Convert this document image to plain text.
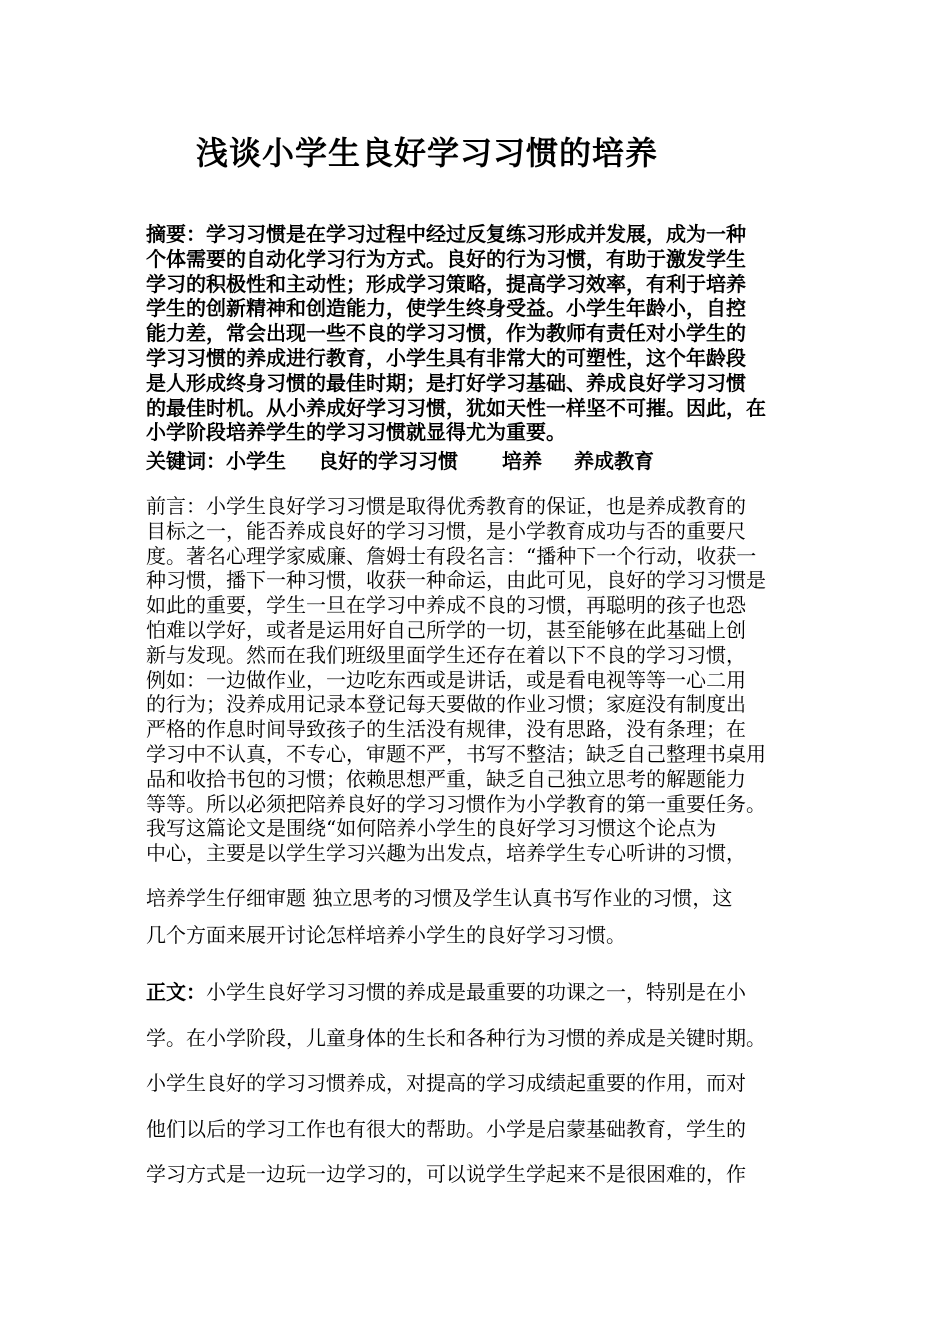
浅谈小学生良好学习习惯的培养
摘要：学习习惯是在学习过程中经过反复练习形成并发展，成为一种
个体需要的自动化学习行为方式。良好的行为习惯，有助于激发学生
学习的积极性和主动性；形成学习策略，提高学习效率，有利于培养
学生的创新精神和创造能力，使学生终身受益。小学生年龄小，自控
能力差，常会出现一些不良的学习习惯，作为教师有责任对小学生的
学习习惯的养成进行教育，小学生具有非常大的可塑性，这个年龄段
是人形成终身习惯的最佳时期；是打好学习基础、养成良好学习习惯
的最佳时机。从小养成好学习习惯，犹如天性一样坚不可摧。因此，在
小学阶段培养学生的学习习惯就显得尤为重要。
关键词：小学生 良好的学习习惯 培养 养成教育
前言：小学生良好学习习惯是取得优秀教育的保证，也是养成教育的
目标之一，能否养成良好的学习习惯，是小学教育成功与否的重要尺
度。著名心理学家威廉、詹姆士有段名言：“播种下一个行动，收获一
种习惯，播下一种习惯，收获一种命运，由此可见，良好的学习习惯是
如此的重要，学生一旦在学习中养成不良的习惯，再聪明的孩子也恐
怕难以学好，或者是运用好自己所学的一切，甚至能够在此基础上创
新与发现。然而在我们班级里面学生还存在着以下不良的学习习惯，
例如：一边做作业，一边吃东西或是讲话，或是看电视等等一心二用
的行为；没养成用记录本登记每天要做的作业习惯；家庭没有制度出
严格的作息时间导致孩子的生活没有规律，没有思路，没有条理；在
学习中不认真，不专心，审题不严，书写不整洁；缺乏自己整理书桌用
品和收拾书包的习惯；依赖思想严重，缺乏自己独立思考的解题能力
等等。所以必须把陪养良好的学习习惯作为小学教育的第一重要任务。
我写这篇论文是围绕“如何陪养小学生的良好学习习惯这个论点为
中心，主要是以学生学习兴趣为出发点，培养学生专心听讲的习惯，
培养学生仔细审题 独立思考的习惯及学生认真书写作业的习惯，这
几个方面来展开讨论怎样培养小学生的良好学习习惯。
正文：小学生良好学习习惯的养成是最重要的功课之一，特别是在小
学。在小学阶段，儿童身体的生长和各种行为习惯的养成是关键时期。
小学生良好的学习习惯养成，对提高的学习成绩起重要的作用，而对
他们以后的学习工作也有很大的帮助。小学是启蒙基础教育，学生的
学习方式是一边玩一边学习的，可以说学生学起来不是很困难的，作
